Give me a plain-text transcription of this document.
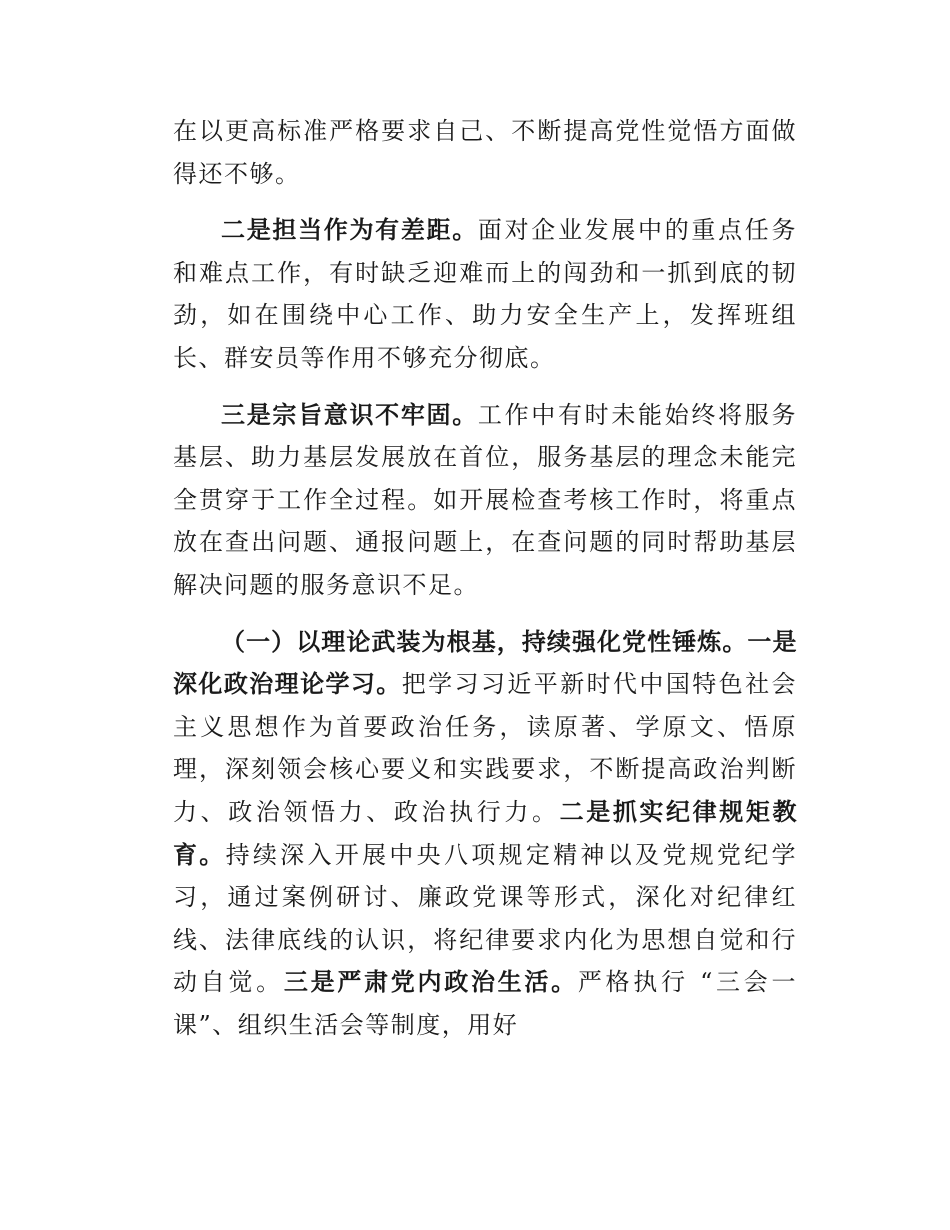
在以更高标准严格要求自己、不断提高党性觉悟方面做得还不够。

二是担当作为有差距。面对企业发展中的重点任务和难点工作，有时缺乏迎难而上的闯劲和一抓到底的韧劲，如在围绕中心工作、助力安全生产上，发挥班组长、群安员等作用不够充分彻底。

三是宗旨意识不牢固。工作中有时未能始终将服务基层、助力基层发展放在首位，服务基层的理念未能完全贯穿于工作全过程。如开展检查考核工作时，将重点放在查出问题、通报问题上，在查问题的同时帮助基层解决问题的服务意识不足。

（一）以理论武装为根基，持续强化党性锤炼。一是深化政治理论学习。把学习习近平新时代中国特色社会主义思想作为首要政治任务，读原著、学原文、悟原理，深刻领会核心要义和实践要求，不断提高政治判断力、政治领悟力、政治执行力。二是抓实纪律规矩教育。持续深入开展中央八项规定精神以及党规党纪学习，通过案例研讨、廉政党课等形式，深化对纪律红线、法律底线的认识，将纪律要求内化为思想自觉和行动自觉。三是严肃党内政治生活。严格执行 “三会一课”、组织生活会等制度，用好
